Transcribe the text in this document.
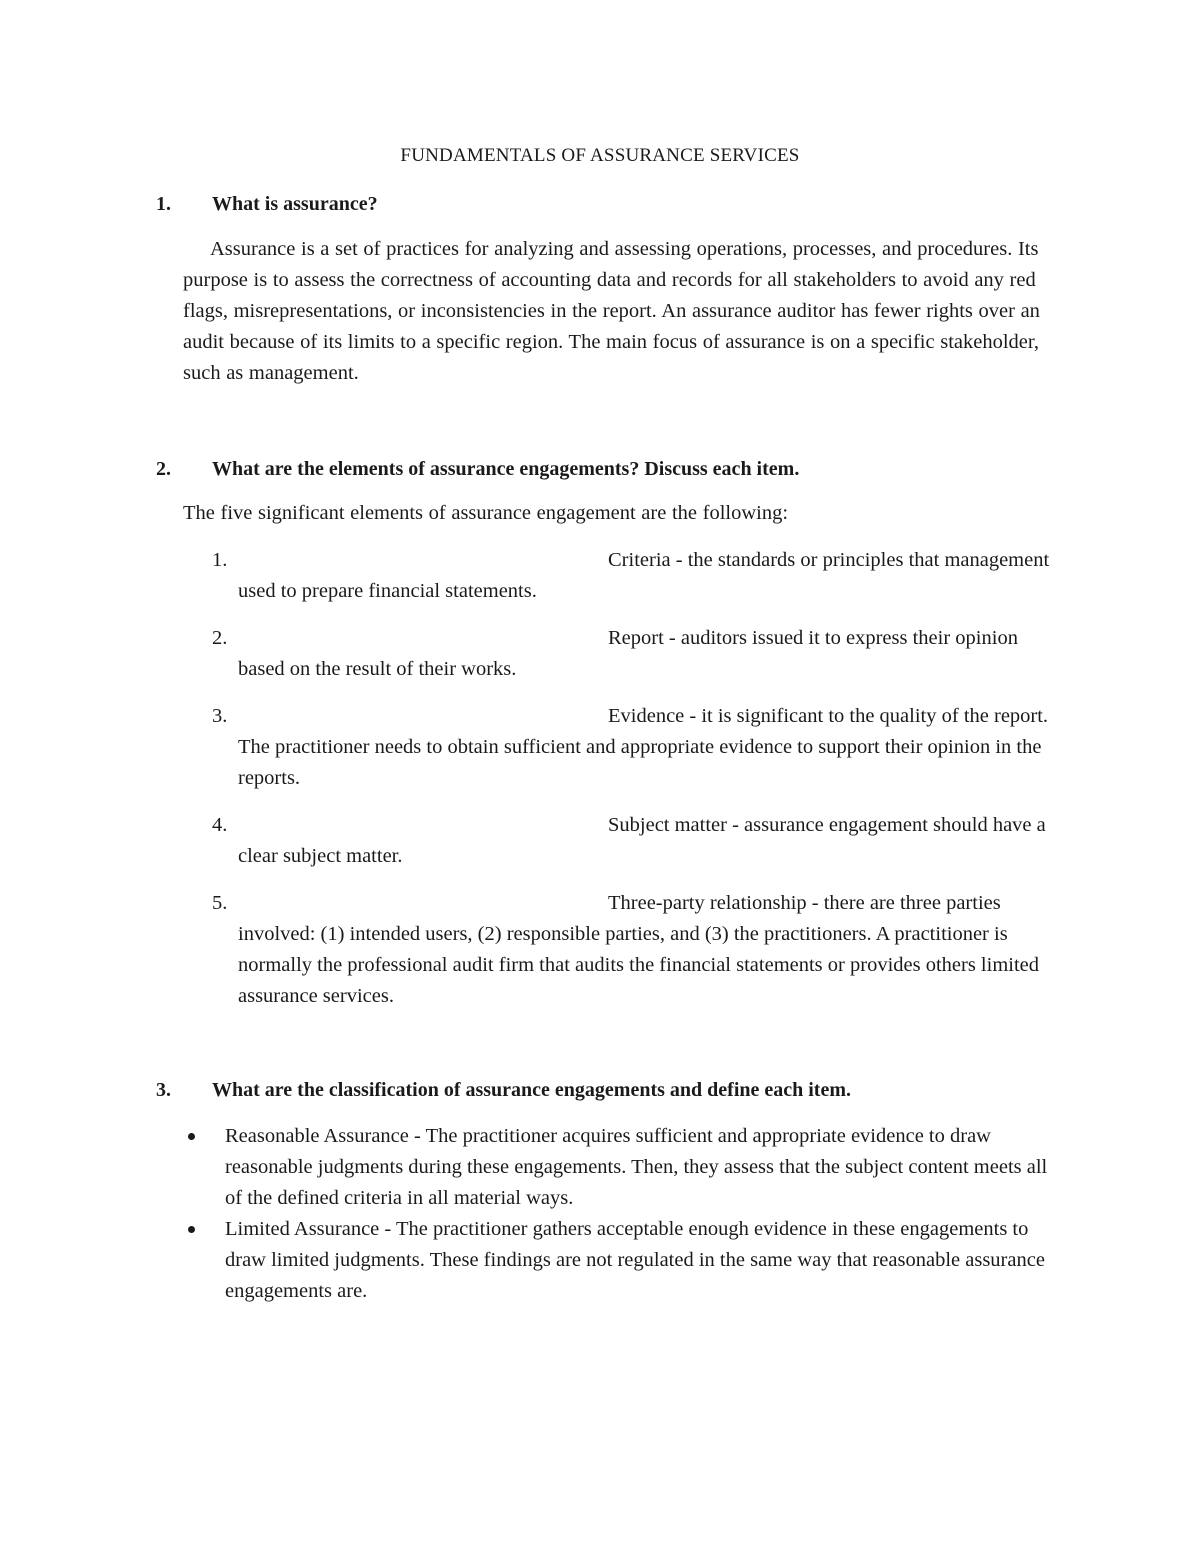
FUNDAMENTALS OF ASSURANCE SERVICES
1. What is assurance?
Assurance is a set of practices for analyzing and assessing operations, processes, and procedures. Its purpose is to assess the correctness of accounting data and records for all stakeholders to avoid any red flags, misrepresentations, or inconsistencies in the report. An assurance auditor has fewer rights over an audit because of its limits to a specific region. The main focus of assurance is on a specific stakeholder, such as management.
2. What are the elements of assurance engagements? Discuss each item.
The five significant elements of assurance engagement are the following:
1.	Criteria - the standards or principles that management used to prepare financial statements.
2.	Report - auditors issued it to express their opinion based on the result of their works.
3.	Evidence - it is significant to the quality of the report. The practitioner needs to obtain sufficient and appropriate evidence to support their opinion in the reports.
4.	Subject matter - assurance engagement should have a clear subject matter.
5.	Three-party relationship - there are three parties involved: (1) intended users, (2) responsible parties, and (3) the practitioners. A practitioner is normally the professional audit firm that audits the financial statements or provides others limited assurance services.
3. What are the classification of assurance engagements and define each item.
Reasonable Assurance - The practitioner acquires sufficient and appropriate evidence to draw reasonable judgments during these engagements. Then, they assess that the subject content meets all of the defined criteria in all material ways.
Limited Assurance - The practitioner gathers acceptable enough evidence in these engagements to draw limited judgments. These findings are not regulated in the same way that reasonable assurance engagements are.
